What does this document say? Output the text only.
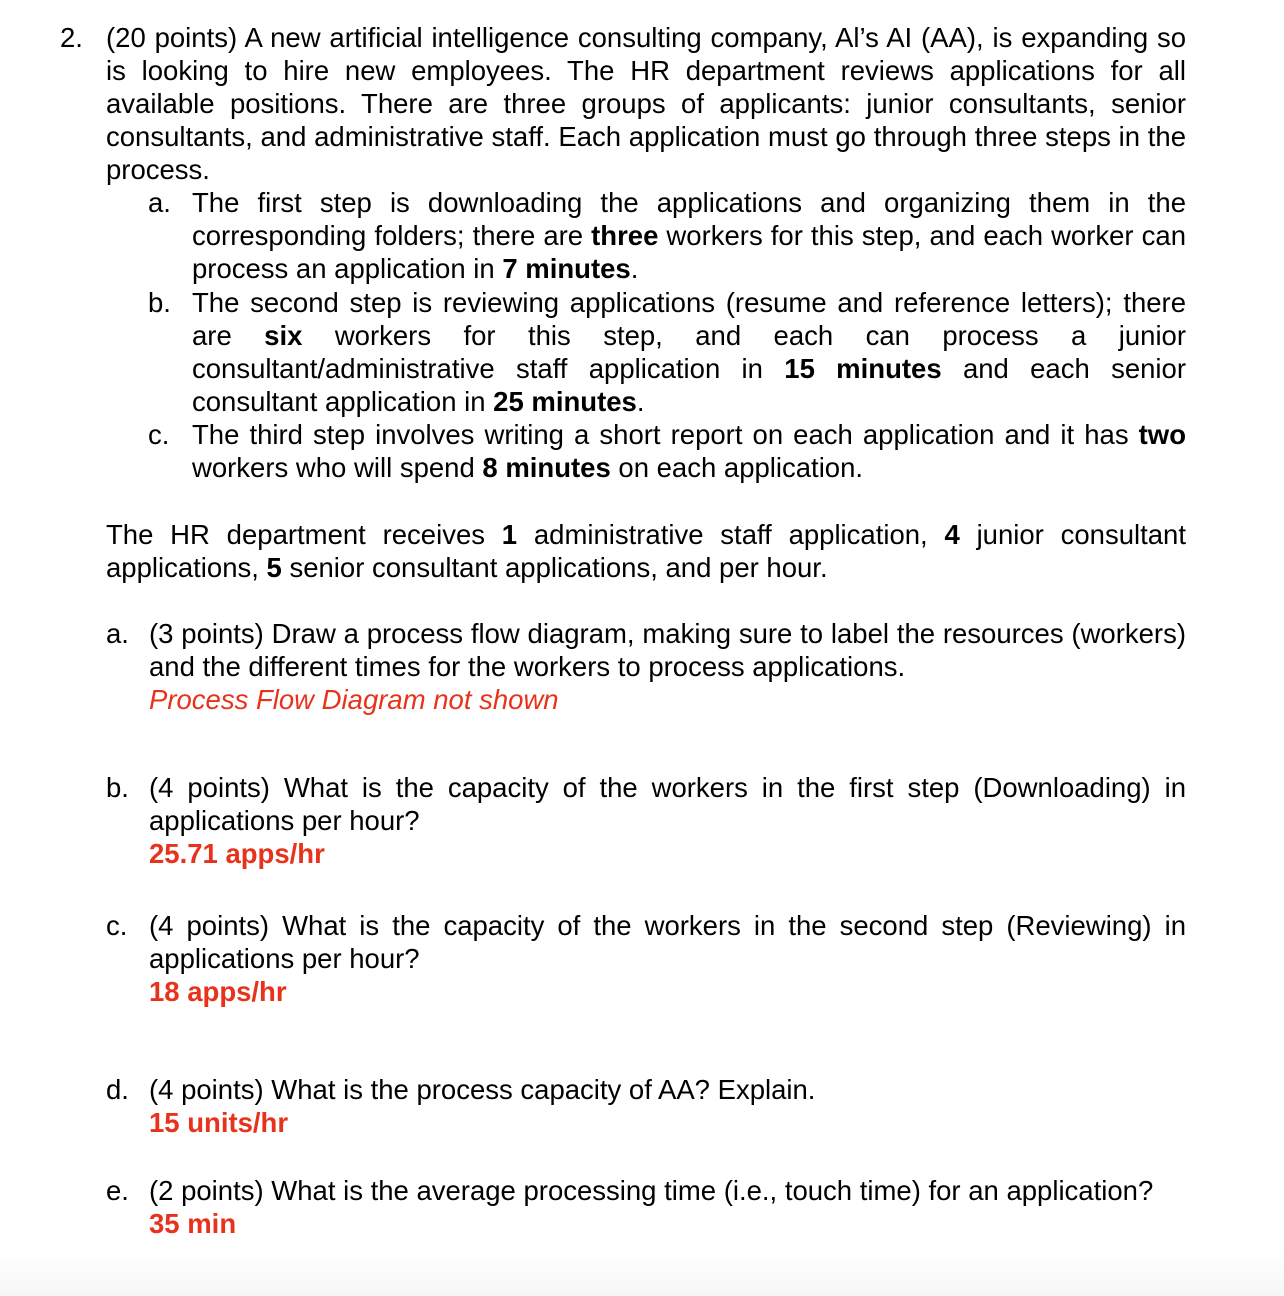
2. (20 points) A new artificial intelligence consulting company, Al’s AI (AA), is expanding so is looking to hire new employees. The HR department reviews applications for all available positions. There are three groups of applicants: junior consultants, senior consultants, and administrative staff. Each application must go through three steps in the process.
a. The first step is downloading the applications and organizing them in the corresponding folders; there are three workers for this step, and each worker can process an application in 7 minutes.
b. The second step is reviewing applications (resume and reference letters); there are six workers for this step, and each can process a junior consultant/administrative staff application in 15 minutes and each senior consultant application in 25 minutes.
c. The third step involves writing a short report on each application and it has two workers who will spend 8 minutes on each application.
The HR department receives 1 administrative staff application, 4 junior consultant applications, 5 senior consultant applications, and per hour.
a. (3 points) Draw a process flow diagram, making sure to label the resources (workers) and the different times for the workers to process applications.
Process Flow Diagram not shown
b. (4 points) What is the capacity of the workers in the first step (Downloading) in applications per hour?
25.71 apps/hr
c. (4 points) What is the capacity of the workers in the second step (Reviewing) in applications per hour?
18 apps/hr
d. (4 points) What is the process capacity of AA? Explain.
15 units/hr
e. (2 points) What is the average processing time (i.e., touch time) for an application?
35 min
